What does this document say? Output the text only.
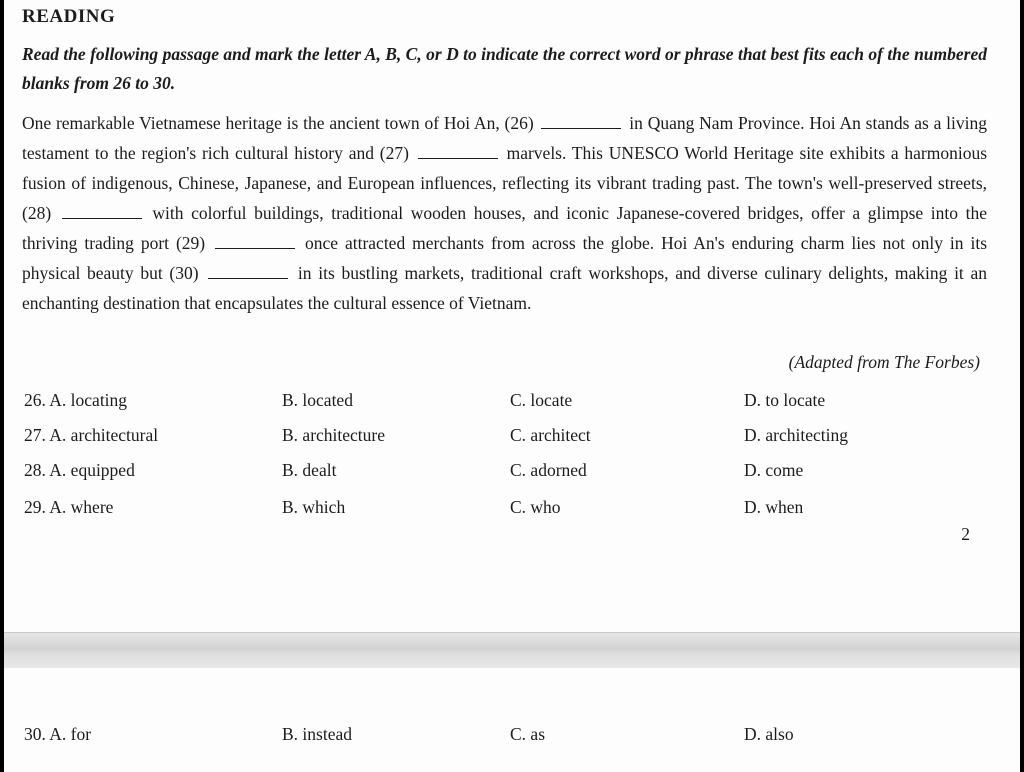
READING
Read the following passage and mark the letter A, B, C, or D to indicate the correct word or phrase that best fits each of the numbered blanks from 26 to 30.
One remarkable Vietnamese heritage is the ancient town of Hoi An, (26)	in Quang Nam Province. Hoi An stands as a living testament to the region's rich cultural history and (27)	marvels. This UNESCO World Heritage site exhibits a harmonious fusion of indigenous, Chinese, Japanese, and European influences, reflecting its vibrant trading past. The town's well-preserved streets, (28)	with colorful buildings, traditional wooden houses, and iconic Japanese-covered bridges, offer a glimpse into the thriving trading port (29)	once attracted merchants from across the globe. Hoi An's enduring charm lies not only in its physical beauty but (30)	in its bustling markets, traditional craft workshops, and diverse culinary delights, making it an enchanting destination that encapsulates the cultural essence of Vietnam.
(Adapted from The Forbes)
26. A. locating	B. located	C. locate	D. to locate
27. A. architectural	B. architecture	C. architect	D. architecting
28. A. equipped	B. dealt	C. adorned	D. come
29. A. where	B. which	C. who	D. when
2
30. A. for	B. instead	C. as	D. also
